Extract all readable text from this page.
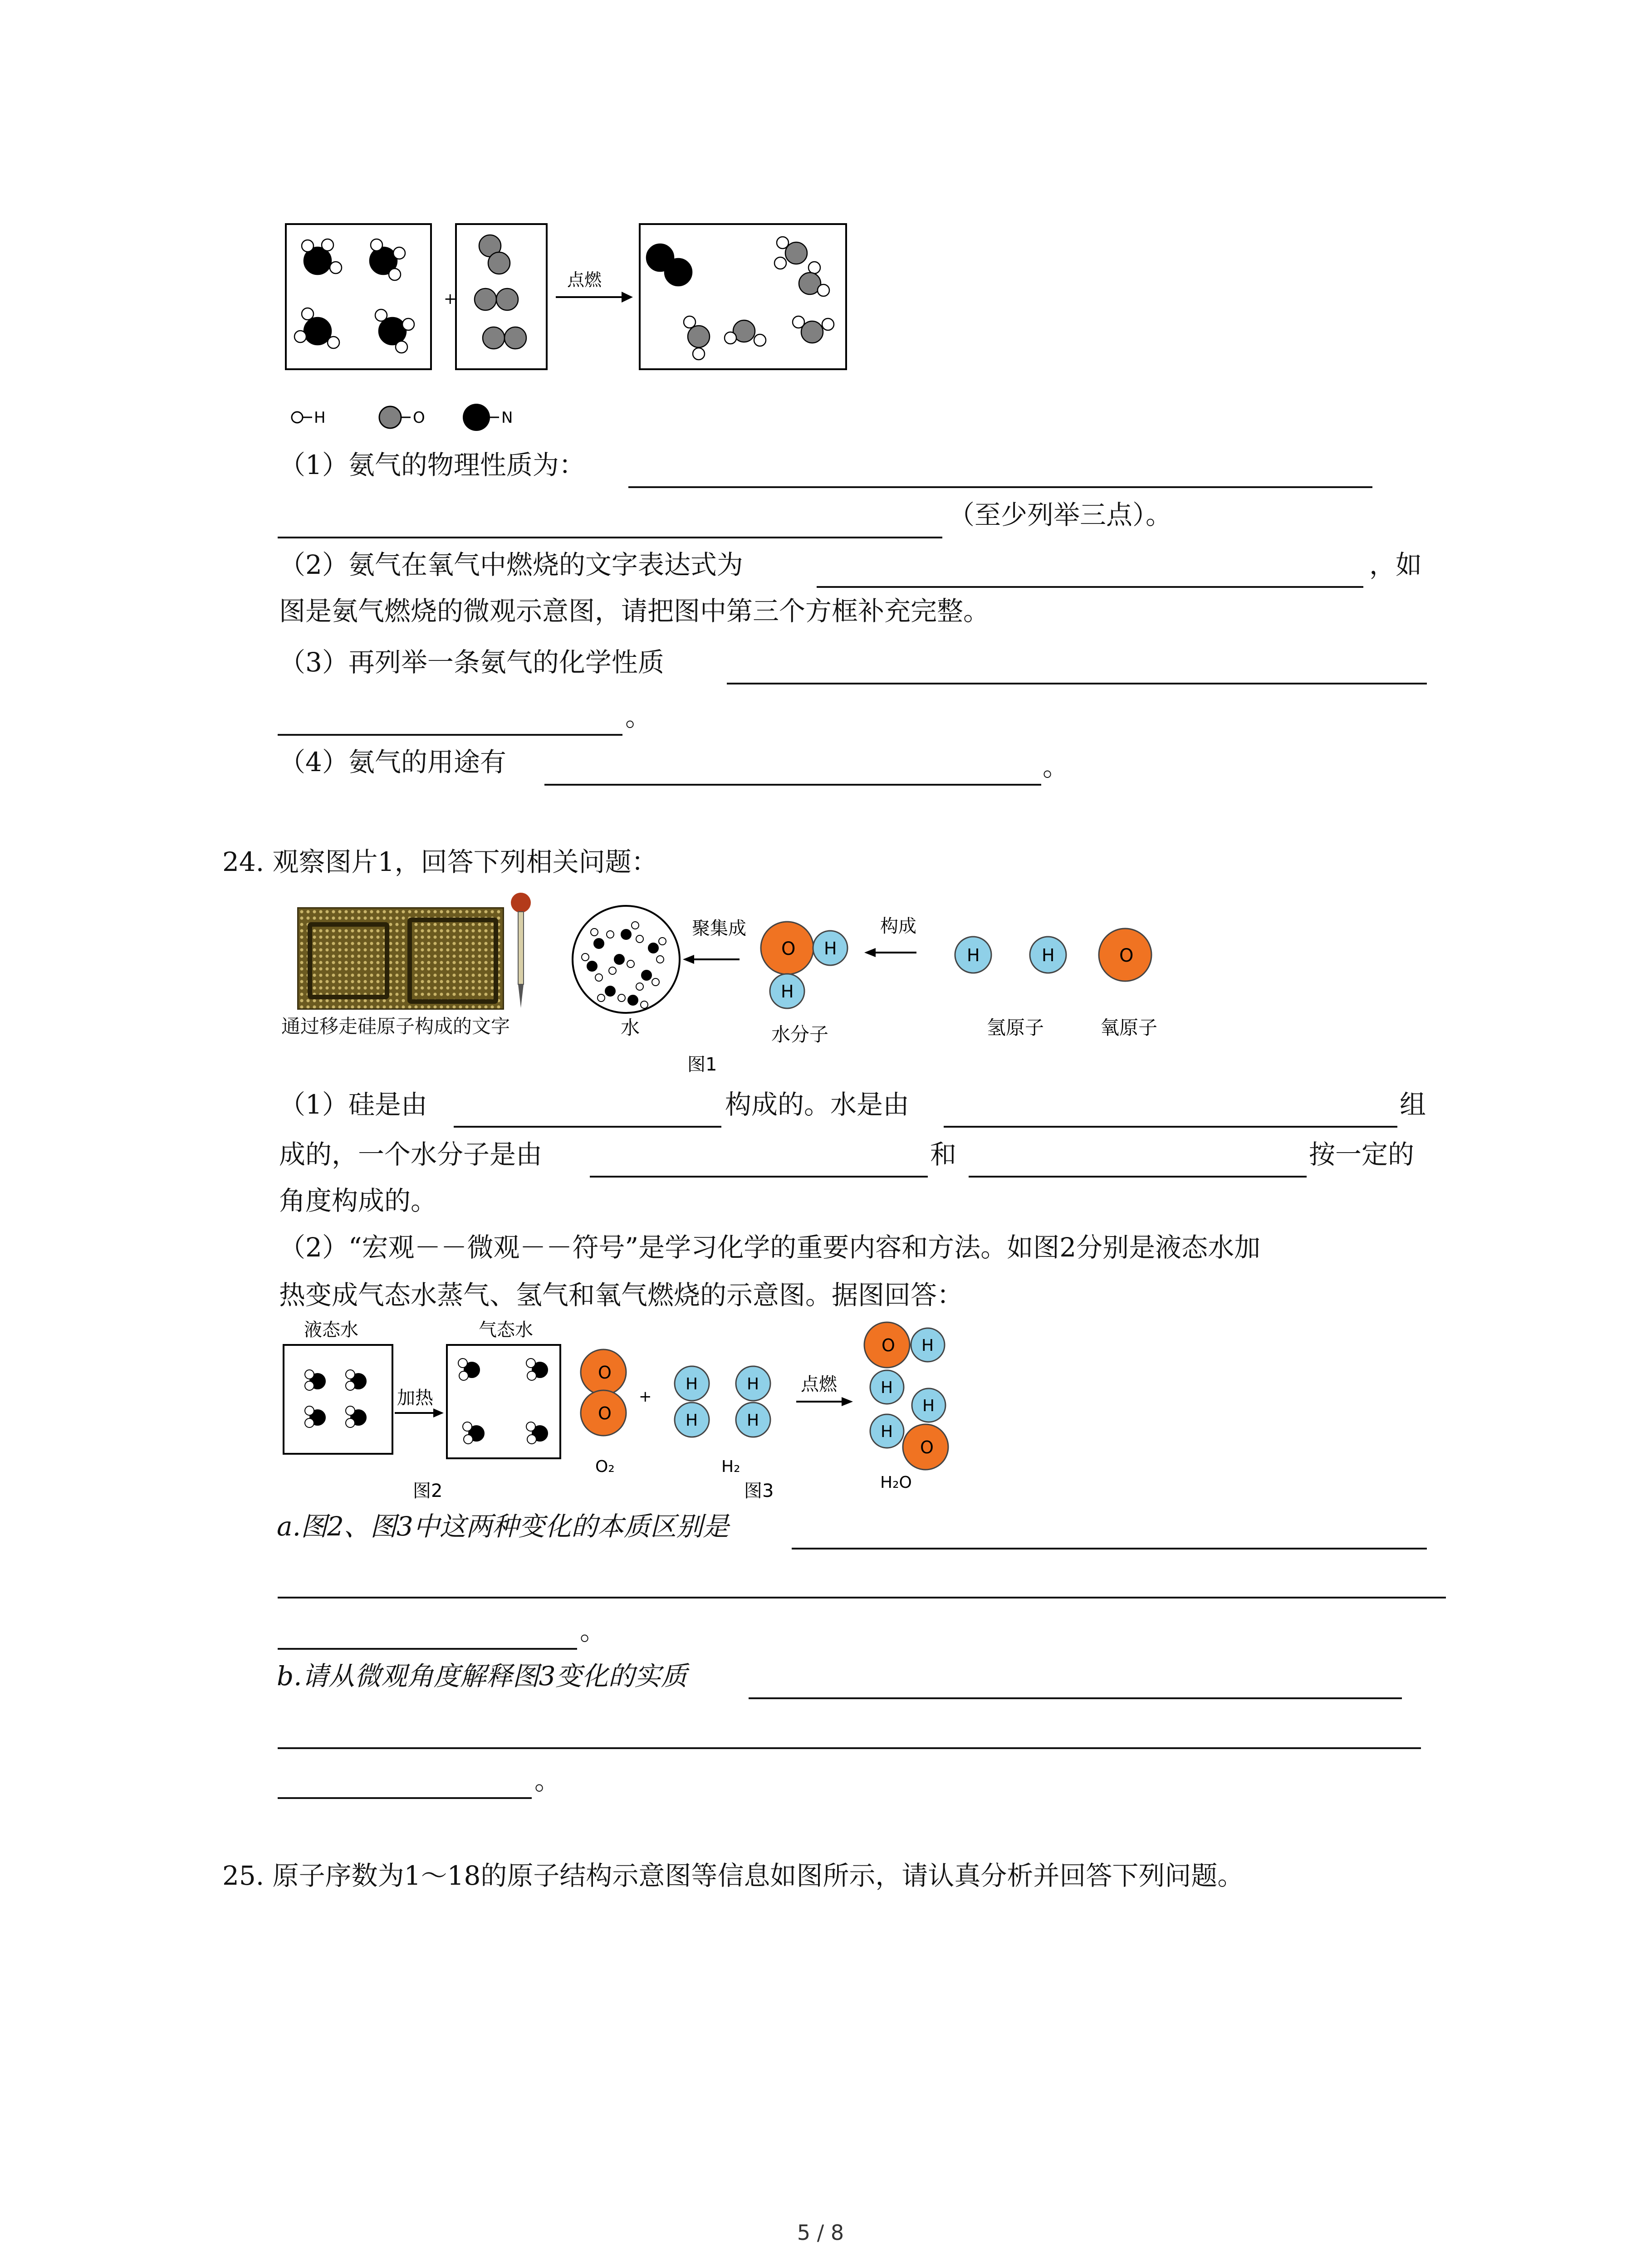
+
点燃
H	O	N
（1）氨气的物理性质为：
（至少列举三点）。
（2）氨气在氧气中燃烧的文字表达式为	，如
图是氨气燃烧的微观示意图，请把图中第三个方框补充完整。
（3）再列举一条氨气的化学性质
。
（4）氨气的用途有	。
24. 观察图片1，回答下列相关问题：
通过移走硅原子构成的文字
聚集成
O H
H
构成
H	H	O
水	水分子	氢原子	氧原子
图1
（1）硅是由	构成的。水是由	组
成的，一个水分子是由	和	按一定的
角度构成的。
（2）“宏观－－微观－－符号”是学习化学的重要内容和方法。如图2分别是液态水加
热变成气态水蒸气、氢气和氧气燃烧的示意图。据图回答：
液态水
加热
气态水
图2
O
O
O₂
+
H
H
H
H
H₂
图3
点燃
O H
H
H
H
O
H₂O
a.图2、图3中这两种变化的本质区别是
。
b.请从微观角度解释图3变化的实质
。
25. 原子序数为1～18的原子结构示意图等信息如图所示，请认真分析并回答下列问题。
5 / 8
